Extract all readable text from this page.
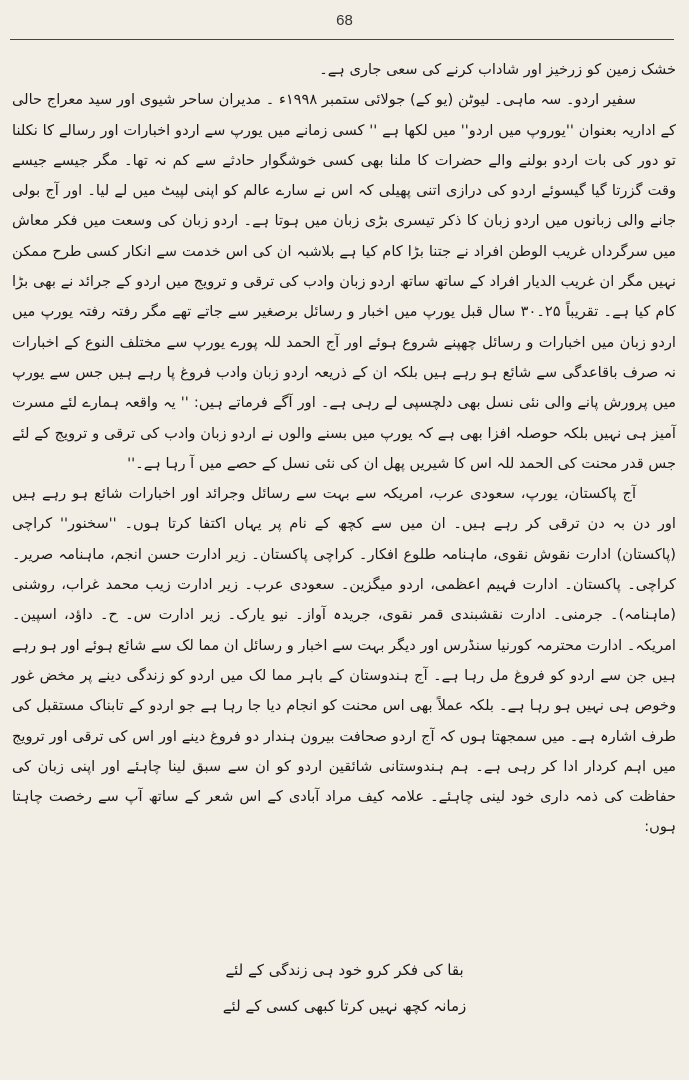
68

خشک زمین کو زرخیز اور شاداب کرنے کی سعی جاری ہے۔

سفیر اردو۔ سہ ماہی۔ لیوٹن (یو کے) جولائی ستمبر ۱۹۹۸ء ۔ مدیران ساحر شیوی اور سید معراج حالی کے اداریہ بعنوان ''یوروپ میں اردو'' میں لکھا ہے '' کسی زمانے میں یورپ سے اردو اخبارات اور رسالے کا نکلنا تو دور کی بات اردو بولنے والے حضرات کا ملنا بھی کسی خوشگوار حادثے سے کم نہ تھا۔ مگر جیسے جیسے وقت گزرتا گیا گیسوئے اردو کی درازی اتنی پھیلی کہ اس نے سارے عالم کو اپنی لپیٹ میں لے لیا۔ اور آج بولی جانے والی زبانوں میں اردو زبان کا ذکر تیسری بڑی زبان میں ہوتا ہے۔ اردو زبان کی وسعت میں فکر معاش میں سرگرداں غریب الوطن افراد نے جتنا بڑا کام کیا ہے بلاشبہ ان کی اس خدمت سے انکار کسی طرح ممکن نہیں مگر ان غریب الدیار افراد کے ساتھ ساتھ اردو زبان وادب کی ترقی و ترویج میں اردو کے جرائد نے بھی بڑا کام کیا ہے۔ تقریباً ۲۵۔۳۰ سال قبل یورپ میں اخبار و رسائل برصغیر سے جاتے تھے مگر رفتہ رفتہ یورپ میں اردو زبان میں اخبارات و رسائل چھپنے شروع ہوئے اور آج الحمد للہ پورے یورپ سے مختلف النوع کے اخبارات نہ صرف باقاعدگی سے شائع ہو رہے ہیں بلکہ ان کے ذریعہ اردو زبان وادب فروغ پا رہے ہیں جس سے یورپ میں پرورش پانے والی نئی نسل بھی دلچسپی لے رہی ہے۔ اور آگے فرماتے ہیں: '' یہ واقعہ ہمارے لئے مسرت آمیز ہی نہیں بلکہ حوصلہ افزا بھی ہے کہ یورپ میں بسنے والوں نے اردو زبان وادب کی ترقی و ترویج کے لئے جس قدر محنت کی الحمد للہ اس کا شیریں پھل ان کی نئی نسل کے حصے میں آ رہا ہے۔''

آج پاکستان، یورپ، سعودی عرب، امریکہ سے بہت سے رسائل وجرائد اور اخبارات شائع ہو رہے ہیں اور دن بہ دن ترقی کر رہے ہیں۔ ان میں سے کچھ کے نام پر یہاں اکتفا کرتا ہوں۔ ''سخنور'' کراچی (پاکستان) ادارت نقوش نقوی، ماہنامہ طلوع افکار۔ کراچی پاکستان۔ زیر ادارت حسن انجم، ماہنامہ صریر۔ کراچی۔ پاکستان۔ ادارت فہیم اعظمی، اردو میگزین۔ سعودی عرب۔ زیر ادارت زیب محمد غراب، روشنی (ماہنامہ)۔ جرمنی۔ ادارت نقشبندی قمر نقوی، جریدہ آواز۔ نیو یارک۔ زیر ادارت س۔ ح۔ داؤد، اسپین۔ امریکہ۔ ادارت محترمہ کورنیا سنڈرس اور دیگر بہت سے اخبار و رسائل ان مما لک سے شائع ہوئے اور ہو رہے ہیں جن سے اردو کو فروغ مل رہا ہے۔ آج ہندوستان کے باہر مما لک میں اردو کو زندگی دینے پر مخض غور وخوص ہی نہیں ہو رہا ہے۔ بلکہ عملاً بھی اس محنت کو انجام دیا جا رہا ہے جو اردو کے تابناک مستقبل کی طرف اشارہ ہے۔ میں سمجھتا ہوں کہ آج اردو صحافت بیرون ہندار دو فروغ دینے اور اس کی ترقی اور ترویج میں اہم کردار ادا کر رہی ہے۔ ہم ہندوستانی شائقین اردو کو ان سے سبق لینا چاہئے اور اپنی زبان کی حفاظت کی ذمہ داری خود لینی چاہئے۔ علامہ کیف مراد آبادی کے اس شعر کے ساتھ آپ سے رخصت چاہتا ہوں:

بقا کی فکر کرو خود ہی زندگی کے لئے
زمانہ کچھ نہیں کرتا کبھی کسی کے لئے
